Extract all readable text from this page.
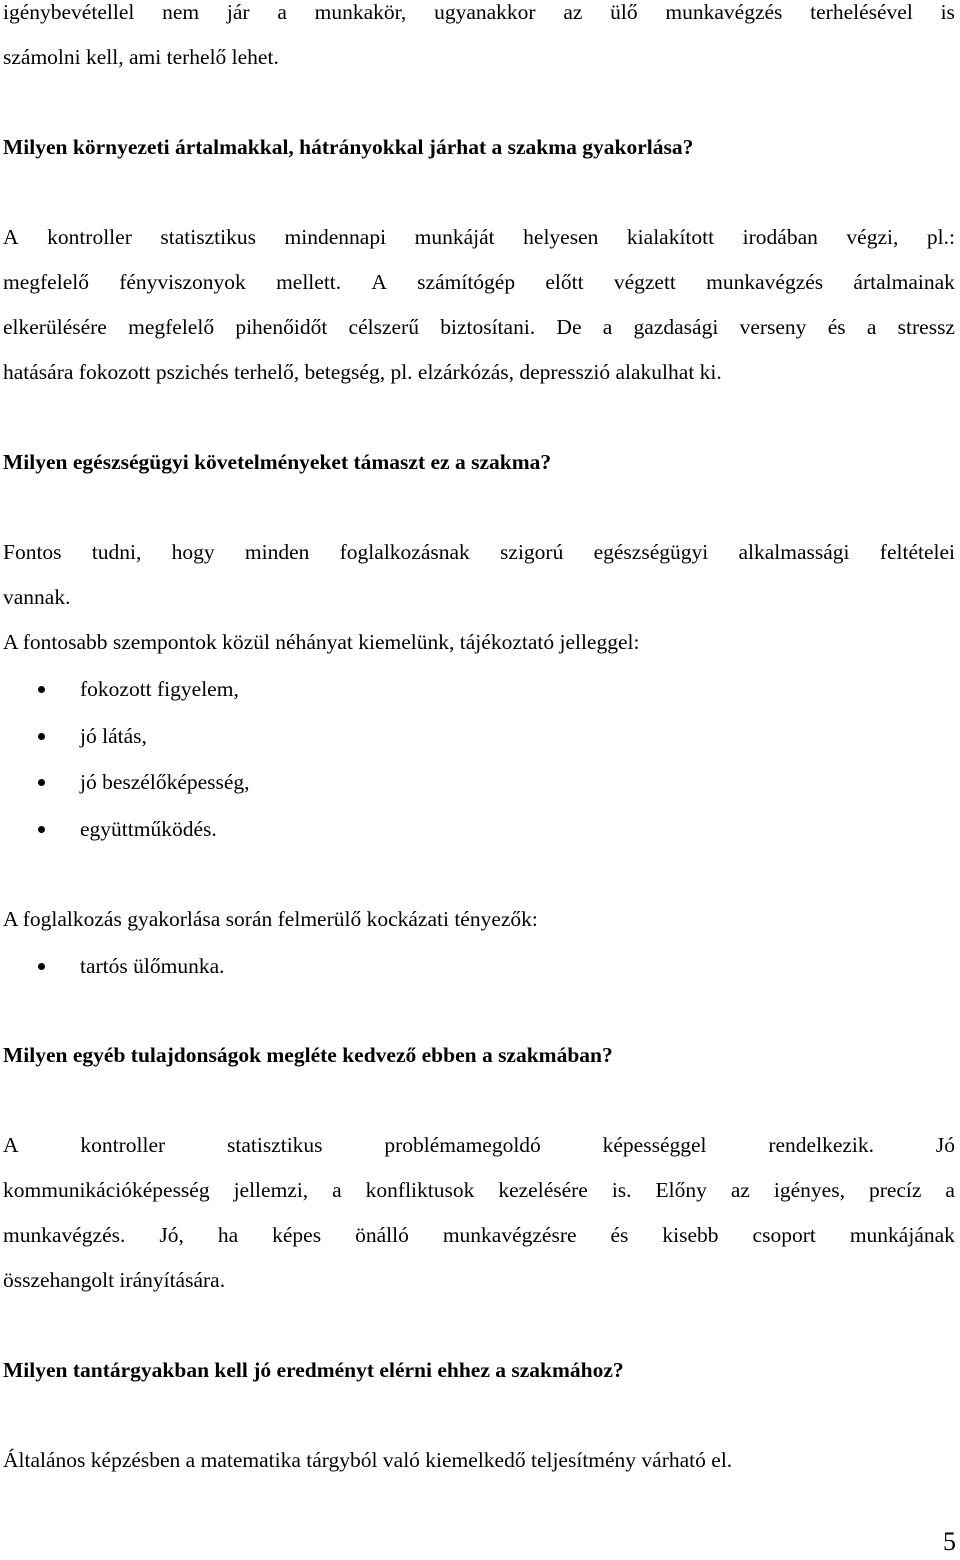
igénybevétellel nem jár a munkakör, ugyanakkor az ülő munkavégzés terhelésével is
számolni kell, ami terhelő lehet.
Milyen környezeti ártalmakkal, hátrányokkal járhat a szakma gyakorlása?
A kontroller statisztikus mindennapi munkáját helyesen kialakított irodában végzi, pl.:
megfelelő fényviszonyok mellett. A számítógép előtt végzett munkavégzés ártalmainak
elkerülésére megfelelő pihenőidőt célszerű biztosítani. De a gazdasági verseny és a stressz
hatására fokozott pszichés terhelő, betegség, pl. elzárkózás, depresszió alakulhat ki.
Milyen egészségügyi követelményeket támaszt ez a szakma?
Fontos tudni, hogy minden foglalkozásnak szigorú egészségügyi alkalmassági feltételei
vannak.
A fontosabb szempontok közül néhányat kiemelünk, tájékoztató jelleggel:
fokozott figyelem,
jó látás,
jó beszélőképesség,
együttműködés.
A foglalkozás gyakorlása során felmerülő kockázati tényezők:
tartós ülőmunka.
Milyen egyéb tulajdonságok megléte kedvező ebben a szakmában?
A	kontroller	statisztikus	problémamegoldó	képességgel	rendelkezik.	Jó
kommunikációképesség jellemzi, a konfliktusok kezelésére is. Előny az igényes, precíz a
munkavégzés. Jó, ha képes önálló munkavégzésre és kisebb csoport munkájának
összehangolt irányítására.
Milyen tantárgyakban kell jó eredményt elérni ehhez a szakmához?
Általános képzésben a matematika tárgyból való kiemelkedő teljesítmény várható el.
5
